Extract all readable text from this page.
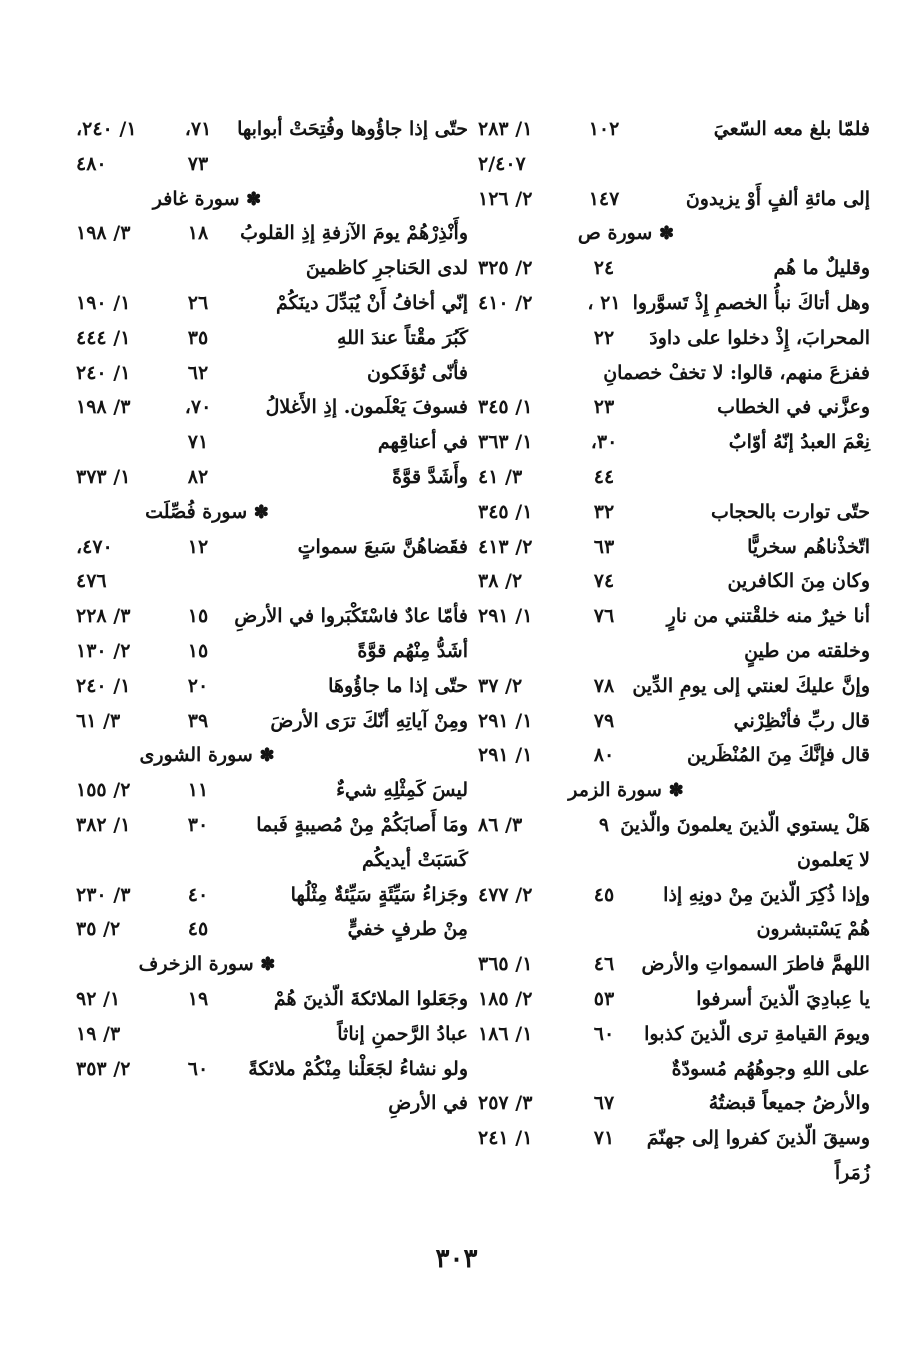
فلمّا بلغ معه السّعيَ
١٠٢
١/ ٢٨٣
٢/٤٠٧
إلى مائةِ ألفٍ أَوْ يزيدونَ
١٤٧
٢/ ١٢٦
✽ سورة ص
وقليلٌ ما هُم
٢٤
٢/ ٣٢٥
وهل أتاكَ نبأُ الخصمِ إِذْ تَسوَّروا
٢١ ،
٢/ ٤١٠
المحرابَ، إِذْ دخلوا على داودَ
٢٢
ففزعَ منهم، قالوا: لا تخفْ خصمانِ
وعزَّني في الخطاب
٢٣
١/ ٣٤٥
نِعْمَ العبدُ إنّهُ أوّابٌ
٣٠،
١/ ٣٦٣
٤٤
٣/ ٤١
حتّى توارت بالحجاب
٣٢
١/ ٣٤٥
اتّخذْناهُم سخريًّا
٦٣
٢/ ٤١٣
وكان مِنَ الكافرين
٧٤
٢/ ٣٨
أنا خيرٌ منه خلقْتني من نارٍ
٧٦
١/ ٢٩١
وخلقته من طينٍ
وإنَّ عليكَ لعنتي إلى يومِ الدِّين
٧٨
٢/ ٣٧
قال ربِّ فأنْظِرْني
٧٩
١/ ٢٩١
قال فإنَّكَ مِنَ المُنْظَرين
٨٠
١/ ٢٩١
✽ سورة الزمر
هَلْ يستوي الّذينَ يعلمونَ والّذينَ
٩
٣/ ٨٦
لا يَعلمون
وإذا ذُكِرَ الّذينَ مِنْ دونِهِ إذا
٤٥
٢/ ٤٧٧
هُمْ يَسْتبشرون
اللهمَّ فاطرَ السمواتِ والأرض
٤٦
١/ ٣٦٥
يا عِبادِيَ الّذينَ أسرفوا
٥٣
٢/ ١٨٥
ويومَ القيامةِ ترى الّذينَ كذبوا
٦٠
١/ ١٨٦
على اللهِ وجوهُهُم مُسودّةٌ
والأرضُ جميعاً قبضتُهُ
٦٧
٣/ ٢٥٧
وسيقَ الّذينَ كفروا إلى جهنّمَ
٧١
١/ ٢٤١
زُمَراً
حتّى إذا جاؤُوها وفُتِحَتْ أبوابها
٧١،
١/ ٢٤٠،
٧٣
٤٨٠
✽ سورة غافر
وأَنْذِرْهُمْ يومَ الآزفةِ إذِ القلوبُ
١٨
٣/ ١٩٨
لدى الحَناجرِ كاظمينَ
إنّي أخافُ أَنْ يُبَدِّلَ دينَكُمْ
٢٦
١/ ١٩٠
كَبُرَ مقْتاً عندَ اللهِ
٣٥
١/ ٤٤٤
فأنّى تُؤفَكون
٦٢
١/ ٢٤٠
فسوفَ يَعْلَمون. إذِ الأَغلالُ
٧٠،
٣/ ١٩٨
في أعناقِهم
٧١
وأَشَدَّ قوَّةً
٨٢
١/ ٣٧٣
✽ سورة فُصِّلَت
فقَضاهُنَّ سَبعَ سمواتٍ
١٢
٤٧٠،
٤٧٦
فأمّا عادٌ فاسْتَكْبَروا في الأرضِ
١٥
٣/ ٢٢٨
أشَدُّ مِنْهُم قوَّةً
١٥
٢/ ١٣٠
حتّى إذا ما جاؤُوهَا
٢٠
١/ ٢٤٠
ومِنْ آياتِهِ أنّكَ ترَى الأرضَ
٣٩
٣/ ٦١
✽ سورة الشورى
ليسَ كَمِثْلِهِ شيءٌ
١١
٢/ ١٥٥
ومَا أَصابَكُمْ مِنْ مُصيبةٍ فَبما
٣٠
١/ ٣٨٢
كَسَبَتْ أيديكُم
وجَزاءُ سَيِّئَةٍ سَيِّئةٌ مِثْلُها
٤٠
٣/ ٢٣٠
مِنْ طرفٍ خفيٍّ
٤٥
٢/ ٣٥
✽ سورة الزخرف
وجَعَلوا الملائكةَ الّذينَ هُمْ
١٩
١/ ٩٢
عبادُ الرَّحمنِ إناثاً
٣/ ١٩
ولو نشاءُ لجَعَلْنا مِنْكُمْ ملائكةً
٦٠
٢/ ٣٥٣
في الأرضِ
٣٠٣
